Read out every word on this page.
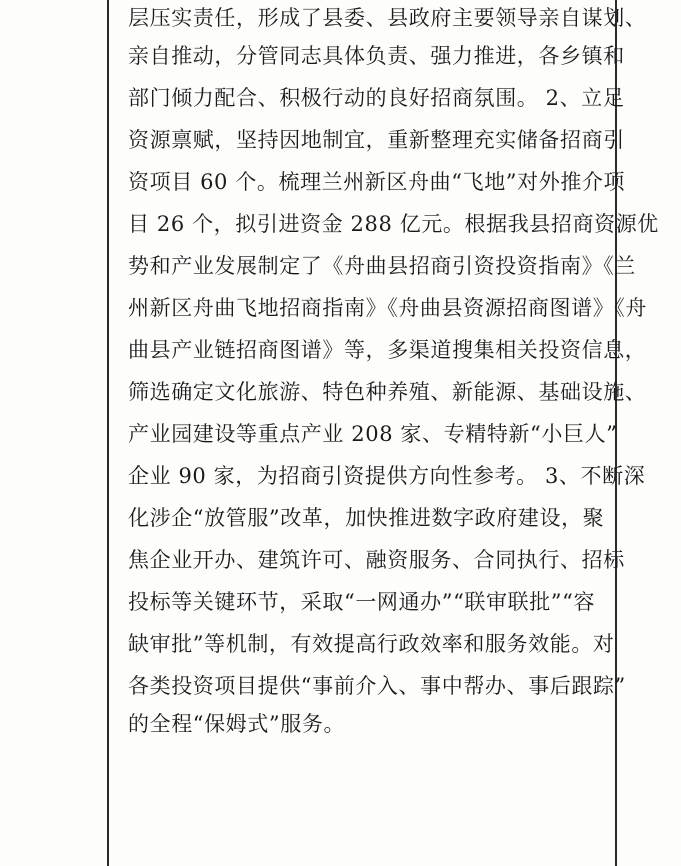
层压实责任，形成了县委、县政府主要领导亲自谋划、
亲自推动，分管同志具体负责、强力推进，各乡镇和
部门倾力配合、积极行动的良好招商氛围。 2、立足
资源禀赋，坚持因地制宜，重新整理充实储备招商引
资项目 60 个。梳理兰州新区舟曲“飞地”对外推介项
目 26 个，拟引进资金 288 亿元。根据我县招商资源优
势和产业发展制定了《舟曲县招商引资投资指南》《兰
州新区舟曲飞地招商指南》《舟曲县资源招商图谱》《舟
曲县产业链招商图谱》等，多渠道搜集相关投资信息，
筛选确定文化旅游、特色种养殖、新能源、基础设施、
产业园建设等重点产业 208 家、专精特新“小巨人”
企业 90 家，为招商引资提供方向性参考。 3、不断深
化涉企“放管服”改革，加快推进数字政府建设，聚
焦企业开办、建筑许可、融资服务、合同执行、招标
投标等关键环节，采取“一网通办”“联审联批”“容
缺审批”等机制，有效提高行政效率和服务效能。对
各类投资项目提供“事前介入、事中帮办、事后跟踪”
的全程“保姆式”服务。
